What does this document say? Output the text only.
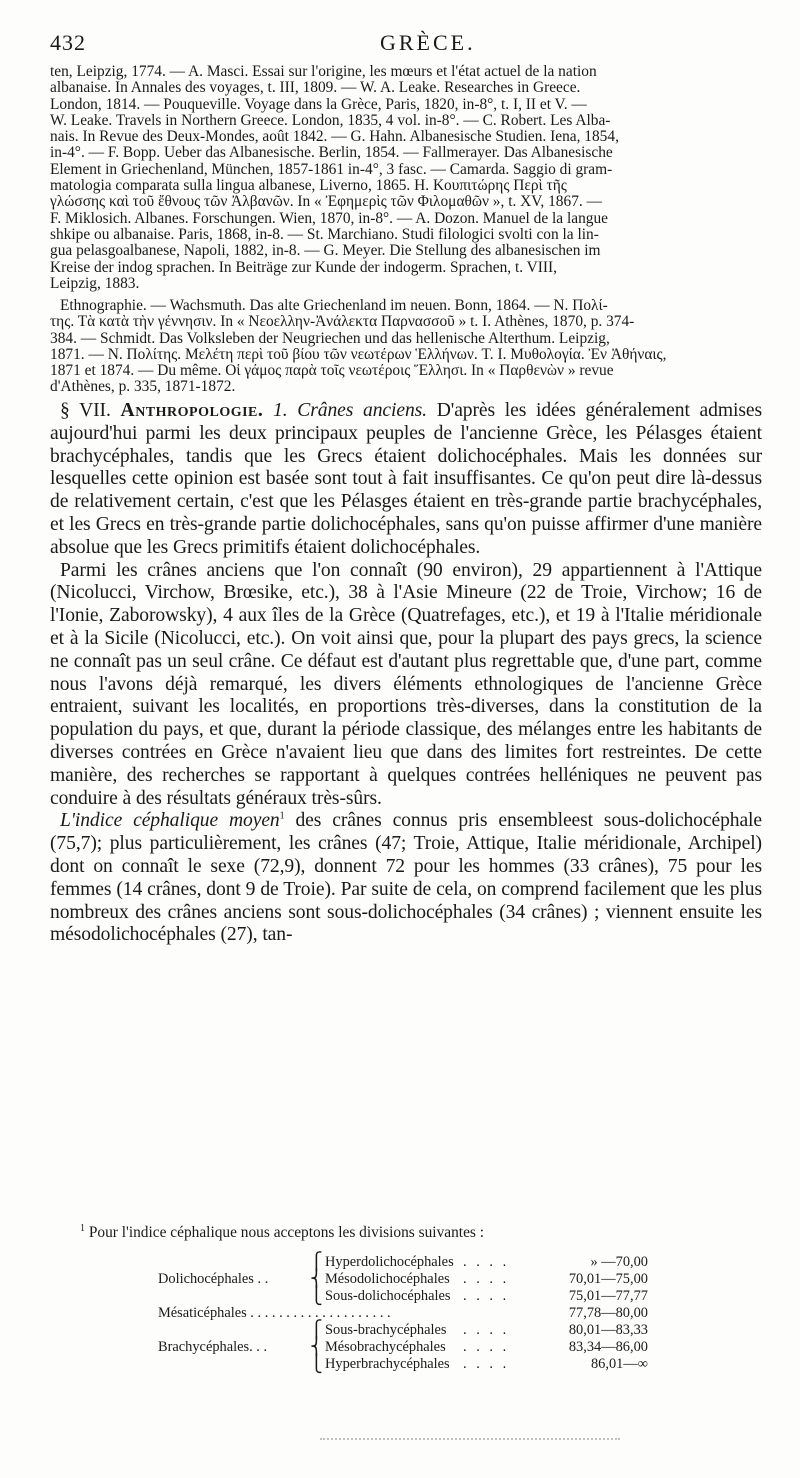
432	GRÈCE.

ten, Leipzig, 1774. — A. Masci. Essai sur l'origine, les mœurs et l'état actuel de la nation

albanaise. In Annales des voyages, t. III, 1809. — W. A. Leake. Researches in Greece.

London, 1814. — Pouqueville. Voyage dans la Grèce, Paris, 1820, in-8°, t. I, II et V. —

W. Leake. Travels in Northern Greece. London, 1835, 4 vol. in-8°. — C. Robert. Les Alba-

nais. In Revue des Deux-Mondes, août 1842. — G. Hahn. Albanesische Studien. Iena, 1854,

in-4°. — F. Bopp. Ueber das Albanesische. Berlin, 1854. — Fallmerayer. Das Albanesische

Element in Griechenland, München, 1857-1861 in-4°, 3 fasc. — Camarda. Saggio di gram-

matologia comparata sulla lingua albanese, Liverno, 1865. H. Κουπιτώρης Περὶ τῆς

γλώσσης καὶ τοῦ ἔθνους τῶν Ἀλβανῶν. In « Ἐφημερὶς τῶν Φιλομαθῶν », t. XV, 1867. —

F. Miklosich. Albanes. Forschungen. Wien, 1870, in-8°. — A. Dozon. Manuel de la langue

shkipe ou albanaise. Paris, 1868, in-8. — St. Marchiano. Studi filologici svolti con la lin-

gua pelasgoalbanese, Napoli, 1882, in-8. — G. Meyer. Die Stellung des albanesischen im

Kreise der indog sprachen. In Beiträge zur Kunde der indogerm. Sprachen, t. VIII,

Leipzig, 1883.

Ethnographie. — Wachsmuth. Das alte Griechenland im neuen. Bonn, 1864. — N. Πολί-

της. Τὰ κατὰ τὴν γέννησιν. In « Νεοελλην-Ἀνάλεκτα Παρνασσοῦ » t. I. Athènes, 1870, p. 374-

384. — Schmidt. Das Volksleben der Neugriechen und das hellenische Alterthum. Leipzig,

1871. — N. Πολίτης. Μελέτη περὶ τοῦ βίου τῶν νεωτέρων Ἑλλήνων. T. I. Μυθολογία. Ἐν Ἀθήναις,

1871 et 1874. — Du même. Οἱ γάμος παρὰ τοῖς νεωτέροις Ἕλλησι. In « Παρθενὼν » revue

d'Athènes, p. 335, 1871-1872.

§ VII. Anthropologie. 1. Crânes anciens. D'après les idées généralement admises aujourd'hui parmi les deux principaux peuples de l'ancienne Grèce, les Pélasges étaient brachycéphales, tandis que les Grecs étaient dolichocéphales. Mais les données sur lesquelles cette opinion est basée sont tout à fait insuffisantes. Ce qu'on peut dire là-dessus de relativement certain, c'est que les Pélasges étaient en très-grande partie brachycéphales, et les Grecs en très-grande partie dolichocéphales, sans qu'on puisse affirmer d'une manière absolue que les Grecs primitifs étaient dolichocéphales.

Parmi les crânes anciens que l'on connaît (90 environ), 29 appartiennent à l'Attique (Nicolucci, Virchow, Brœsike, etc.), 38 à l'Asie Mineure (22 de Troie, Virchow; 16 de l'Ionie, Zaborowsky), 4 aux îles de la Grèce (Quatrefages, etc.), et 19 à l'Italie méridionale et à la Sicile (Nicolucci, etc.). On voit ainsi que, pour la plupart des pays grecs, la science ne connaît pas un seul crâne. Ce défaut est d'autant plus regrettable que, d'une part, comme nous l'avons déjà remarqué, les divers éléments ethnologiques de l'ancienne Grèce entraient, suivant les localités, en proportions très-diverses, dans la constitution de la population du pays, et que, durant la période classique, des mélanges entre les habitants de diverses contrées en Grèce n'avaient lieu que dans des limites fort restreintes. De cette manière, des recherches se rapportant à quelques contrées helléniques ne peuvent pas conduire à des résultats généraux très-sûrs.

L'indice céphalique moyen$^1$ des crânes connus pris ensembleest sous-dolichocéphale (75,7); plus particulièrement, les crânes (47; Troie, Attique, Italie méridionale, Archipel) dont on connaît le sexe (72,9), donnent 72 pour les hommes (33 crânes), 75 pour les femmes (14 crânes, dont 9 de Troie). Par suite de cela, on comprend facilement que les plus nombreux des crânes anciens sont sous-dolichocéphales (34 crânes) ; viennent ensuite les mésodolichocéphales (27), tan-

$^1$ Pour l'indice céphalique nous acceptons les divisions suivantes :

⎧ Hyperdolichocéphales . . . .	» —70,00
Dolichocéphales . . ⎨ Mésodolichocéphales . . . .	70,01—75,00
⎩ Sous-dolichocéphales . . . .	75,01—77,77
Mésaticéphales . . . . . . . . . . . . . . . . . . . .	77,78—80,00
⎧ Sous-brachycéphales . . . .	80,01—83,33
Brachycéphales. . .	⎨ Mésobrachycéphales . . . .	83,34—86,00
⎩ Hyperbrachycéphales . . . .	86,01—∞
